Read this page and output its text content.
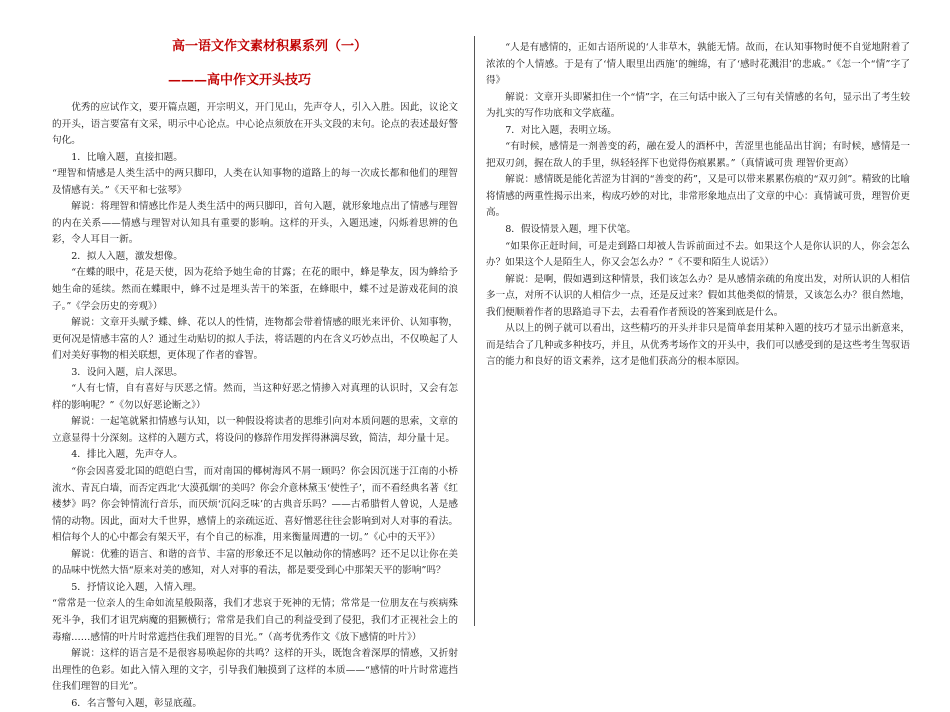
高一语文作文素材积累系列（一）
———高中作文开头技巧

优秀的应试作文，要开篇点题，开宗明义，开门见山，先声夺人，引入入胜。因此，议论文的开头，语言要富有文采，明示中心论点。中心论点须放在开头文段的末句。论点的表述最好警句化。

1．比喻入题，直接扣题。

“理智和情感是人类生活中的两只脚印，人类在认知事物的道路上的每一次成长都和他们的理智及情感有关。”《天平和七弦琴》

解说：将理智和情感比作是人类生活中的两只脚印，首句入题，就形象地点出了情感与理智的内在关系——情感与理智对认知具有重要的影响。这样的开头，入题迅速，闪烁着思辨的色彩，令人耳目一新。

2．拟人入题，激发想像。

“在蝶的眼中，花是天使，因为花给予她生命的甘露；在花的眼中，蜂是挚友，因为蜂给予她生命的延续。然而在蝶眼中，蜂不过是埋头苦干的笨蛋，在蜂眼中，蝶不过是游戏花间的浪子。”《学会历史的旁观》）

解说：文章开头赋予蝶、蜂、花以人的性情，连物都会带着情感的眼光来评价、认知事物，更何况是情感丰富的人？通过生动贴切的拟人手法，将话题的内在含义巧妙点出，不仅唤起了人们对美好事物的相关联想，更体现了作者的睿智。

3．设问入题，启人深思。

“人有七情，自有喜好与厌恶之情。然而，当这种好恶之情掺入对真理的认识时，又会有怎样的影响呢？”《勿以好恶论断之》）

解说：一起笔就紧扣情感与认知，以一种假设将读者的思维引向对本质问题的思索，文章的立意显得十分深刻。这样的入题方式，将设问的修辞作用发挥得淋漓尽致，简洁，却分量十足。

4．排比入题，先声夺人。

“你会因喜爱北国的皑皑白雪，而对南国的椰树海风不屑一顾吗？你会因沉迷于江南的小桥流水、青瓦白墙，而否定西北‘大漠孤烟’的美吗？你会介意林黛玉‘使性子’，而不看经典名著《红楼梦》吗？你会钟情流行音乐，而厌烦‘沉闷乏味’的古典音乐吗？——古希腊哲人曾说，人是感情的动物。因此，面对大千世界，感情上的亲疏远近、喜好憎恶往往会影响到对人对事的看法。相信每个人的心中都会有架天平，有个自己的标准，用来衡量周遭的一切。”《心中的天平》）

解说：优雅的语言、和谐的音节、丰富的形象还不足以触动你的情感吗？还不足以让你在美的品味中恍然大悟“原来对美的感知，对人对事的看法，都是要受到心中那架天平的影响”吗？

5．抒情议论入题，入情入理。

“常常是一位亲人的生命如流星般陨落，我们才悲哀于死神的无情；常常是一位朋友在与疾病殊死斗争，我们才诅咒病魔的猖獗横行；常常是我们自己的利益受到了侵犯，我们才正视社会上的毒瘤……感情的叶片时常遮挡住我们理智的目光。”（高考优秀作文《放下感情的叶片》）

解说：这样的语言是不是很容易唤起你的共鸣？这样的开头，既饱含着深厚的情感，又折射出理性的色彩。如此入情入理的文字，引导我们触摸到了这样的本质——“感情的叶片时常遮挡住我们理智的目光”。

6．名言警句入题，彰显底蕴。

“人是有感情的，正如古语所说的‘人非草木，孰能无情。故而，在认知事物时便不自觉地附着了浓浓的个人情感。于是有了‘情人眼里出西施’的缠绵，有了‘感时花溅泪’的悲戚。”《怎一个“情”字了得》

解说：文章开头即紧扣住一个“情”字，在三句话中嵌入了三句有关情感的名句，显示出了考生较为扎实的写作功底和文学底蕴。

7．对比入题，表明立场。

“有时候，感情是一剂善变的药，融在爱人的酒杯中，苦涩里也能品出甘润；有时候，感情是一把双刃剑，握在敌人的手里，纵轻轻挥下也觉得伤痕累累。”（真情诚可贵 理智价更高）

解说：感情既是能化苦涩为甘润的“善变的药”，又是可以带来累累伤痕的“双刃剑”。精致的比喻将情感的两重性揭示出来，构成巧妙的对比，非常形象地点出了文章的中心：真情诚可贵，理智价更高。

8．假设情景入题，埋下伏笔。

“如果你正赶时间，可是走到路口却被人告诉前面过不去。如果这个人是你认识的人，你会怎么办？如果这个人是陌生人，你又会怎么办？”《不要和陌生人说话》）

解说：是啊，假如遇到这种情景，我们该怎么办？是从感情亲疏的角度出发，对所认识的人相信多一点，对所不认识的人相信少一点，还是反过来？假如其他类似的情景，又该怎么办？很自然地，我们便顺着作者的思路追寻下去，去看看作者预设的答案到底是什么。

从以上的例子就可以看出，这些精巧的开头并非只是简单套用某种入题的技巧才显示出新意来，而是结合了几种或多种技巧，并且，从优秀考场作文的开头中，我们可以感受到的是这些考生驾驭语言的能力和良好的语文素养，这才是他们获高分的根本原因。
